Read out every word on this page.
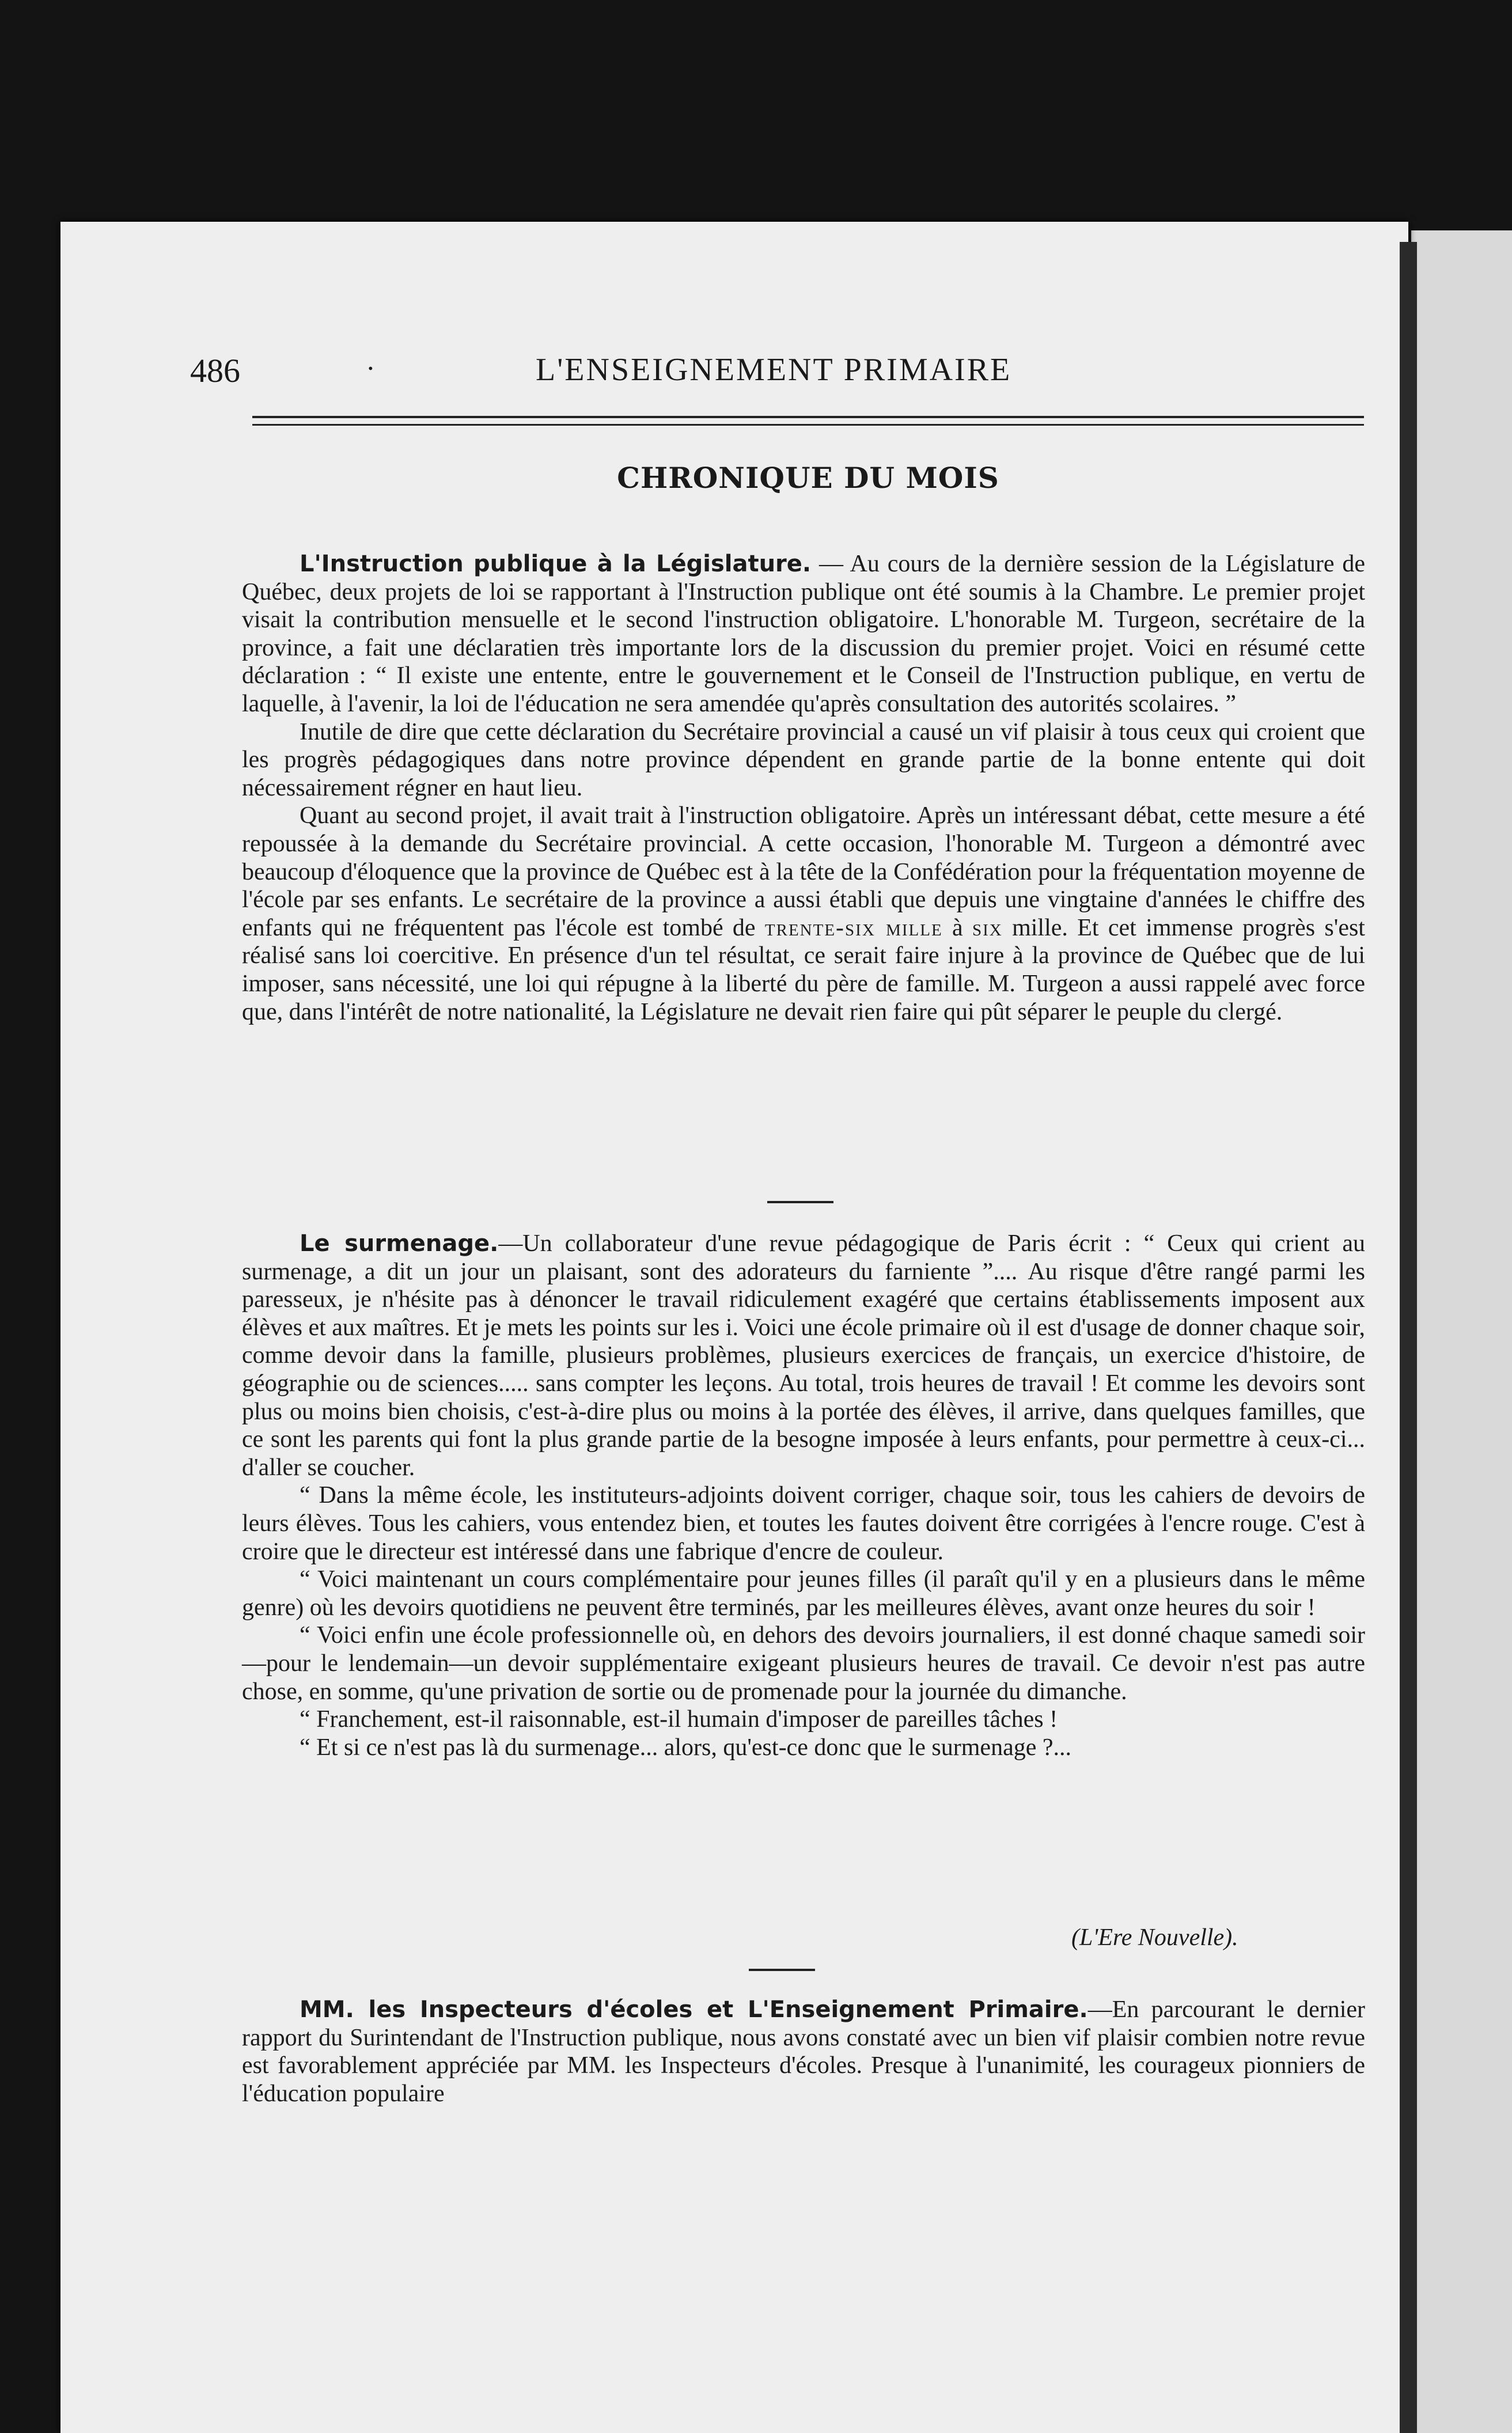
486	·	L'ENSEIGNEMENT PRIMAIRE
CHRONIQUE DU MOIS

L'Instruction publique à la Législature. — Au cours de la dernière session de la Législature de Québec, deux projets de loi se rapportant à l'Instruction publique ont été soumis à la Chambre. Le premier projet visait la contribution mensuelle et le second l'instruction obligatoire. L'honorable M. Turgeon, secrétaire de la province, a fait une déclaratien très importante lors de la discussion du premier projet. Voici en résumé cette déclaration : “ Il existe une entente, entre le gouvernement et le Conseil de l'Instruction publique, en vertu de laquelle, à l'avenir, la loi de l'éducation ne sera amendée qu'après consultation des autorités scolaires. ”

Inutile de dire que cette déclaration du Secrétaire provincial a causé un vif plaisir à tous ceux qui croient que les progrès pédagogiques dans notre province dépendent en grande partie de la bonne entente qui doit nécessairement régner en haut lieu.

Quant au second projet, il avait trait à l'instruction obligatoire. Après un intéressant débat, cette mesure a été repoussée à la demande du Secrétaire provincial. A cette occasion, l'honorable M. Turgeon a démontré avec beaucoup d'éloquence que la province de Québec est à la tête de la Confédération pour la fréquentation moyenne de l'école par ses enfants. Le secrétaire de la province a aussi établi que depuis une vingtaine d'années le chiffre des enfants qui ne fréquentent pas l'école est tombé de trente-six mille à six mille. Et cet immense progrès s'est réalisé sans loi coercitive. En présence d'un tel résultat, ce serait faire injure à la province de Québec que de lui imposer, sans nécessité, une loi qui répugne à la liberté du père de famille. M. Turgeon a aussi rappelé avec force que, dans l'intérêt de notre nationalité, la Législature ne devait rien faire qui pût séparer le peuple du clergé.

Le surmenage.—Un collaborateur d'une revue pédagogique de Paris écrit : “ Ceux qui crient au surmenage, a dit un jour un plaisant, sont des adorateurs du farniente ”.... Au risque d'être rangé parmi les paresseux, je n'hésite pas à dénoncer le travail ridiculement exagéré que certains établissements imposent aux élèves et aux maîtres. Et je mets les points sur les i. Voici une école primaire où il est d'usage de donner chaque soir, comme devoir dans la famille, plusieurs problèmes, plusieurs exercices de français, un exercice d'histoire, de géographie ou de sciences..... sans compter les leçons. Au total, trois heures de travail ! Et comme les devoirs sont plus ou moins bien choisis, c'est-à-dire plus ou moins à la portée des élèves, il arrive, dans quelques familles, que ce sont les parents qui font la plus grande partie de la besogne imposée à leurs enfants, pour permettre à ceux-ci... d'aller se coucher.

“ Dans la même école, les instituteurs-adjoints doivent corriger, chaque soir, tous les cahiers de devoirs de leurs élèves. Tous les cahiers, vous entendez bien, et toutes les fautes doivent être corrigées à l'encre rouge. C'est à croire que le directeur est intéressé dans une fabrique d'encre de couleur.

“ Voici maintenant un cours complémentaire pour jeunes filles (il paraît qu'il y en a plusieurs dans le même genre) où les devoirs quotidiens ne peuvent être terminés, par les meilleures élèves, avant onze heures du soir !

“ Voici enfin une école professionnelle où, en dehors des devoirs journaliers, il est donné chaque samedi soir—pour le lendemain—un devoir supplémentaire exigeant plusieurs heures de travail. Ce devoir n'est pas autre chose, en somme, qu'une privation de sortie ou de promenade pour la journée du dimanche.

“ Franchement, est-il raisonnable, est-il humain d'imposer de pareilles tâches !

“ Et si ce n'est pas là du surmenage... alors, qu'est-ce donc que le surmenage ?...

(L'Ere Nouvelle).

MM. les Inspecteurs d'écoles et L'Enseignement Primaire.—En parcourant le dernier rapport du Surintendant de l'Instruction publique, nous avons constaté avec un bien vif plaisir combien notre revue est favorablement appréciée par MM. les Inspecteurs d'écoles. Presque à l'unanimité, les courageux pionniers de l'éducation populaire
